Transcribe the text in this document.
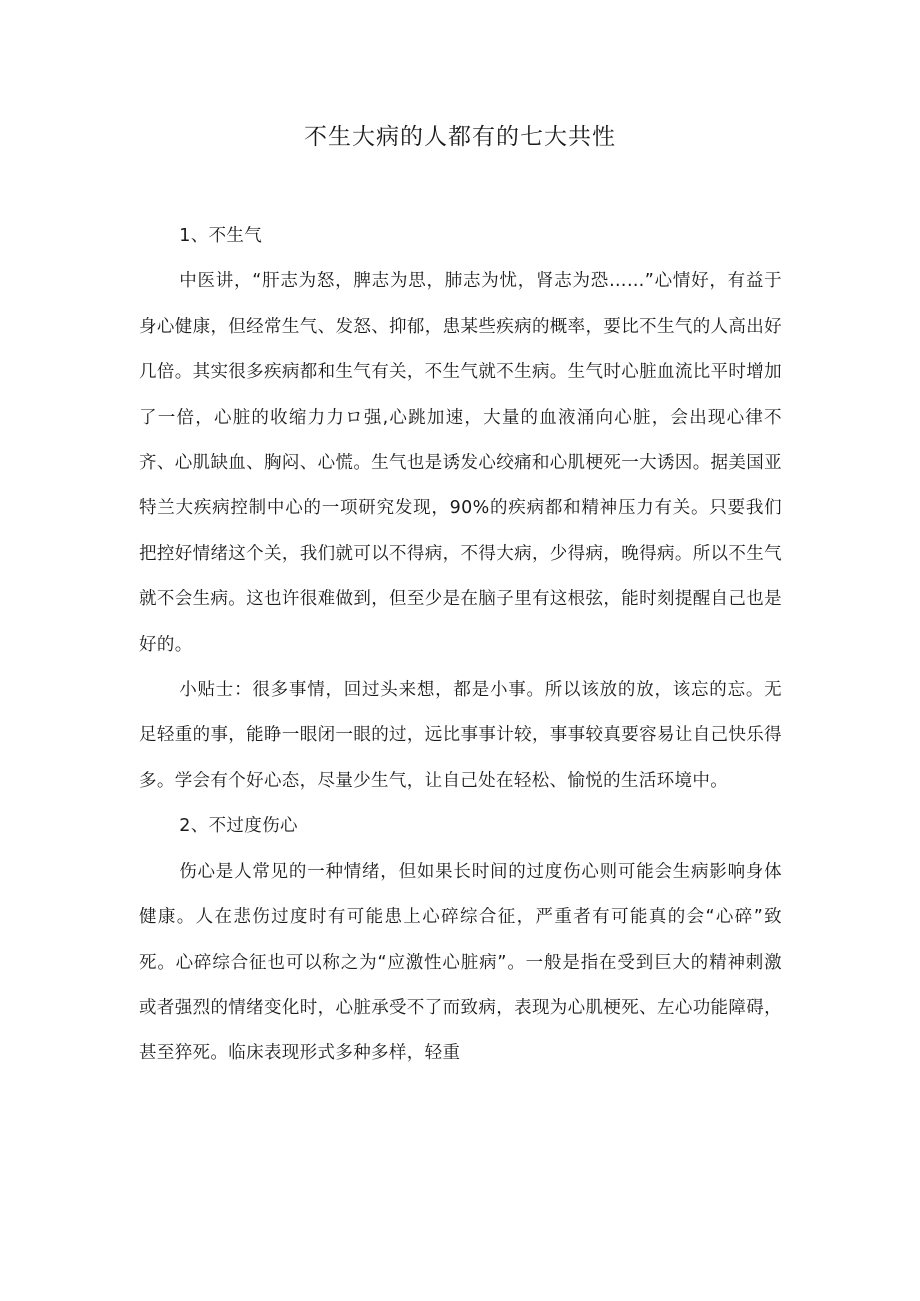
不生大病的人都有的七大共性

1、不生气

中医讲，“肝志为怒，脾志为思，肺志为忧，肾志为恐……”心情好，有益于身心健康，但经常生气、发怒、抑郁，患某些疾病的概率，要比不生气的人高出好几倍。其实很多疾病都和生气有关，不生气就不生病。生气时心脏血流比平时增加了一倍，心脏的收缩力力ロ强,心跳加速，大量的血液涌向心脏，会出现心律不齐、心肌缺血、胸闷、心慌。生气也是诱发心绞痛和心肌梗死一大诱因。据美国亚特兰大疾病控制中心的一项研究发现，90%的疾病都和精神压力有关。只要我们把控好情绪这个关，我们就可以不得病，不得大病，少得病，晚得病。所以不生气就不会生病。这也许很难做到，但至少是在脑子里有这根弦，能时刻提醒自己也是好的。

小贴士：很多事情，回过头来想，都是小事。所以该放的放，该忘的忘。无足轻重的事，能睁一眼闭一眼的过，远比事事计较，事事较真要容易让自己快乐得多。学会有个好心态，尽量少生气，让自己处在轻松、愉悦的生活环境中。

2、不过度伤心

伤心是人常见的一种情绪，但如果长时间的过度伤心则可能会生病影响身体健康。人在悲伤过度时有可能患上心碎综合征，严重者有可能真的会“心碎”致死。心碎综合征也可以称之为“应激性心脏病”。一般是指在受到巨大的精神刺激或者强烈的情绪变化时，心脏承受不了而致病，表现为心肌梗死、左心功能障碍，甚至猝死。临床表现形式多种多样，轻重
